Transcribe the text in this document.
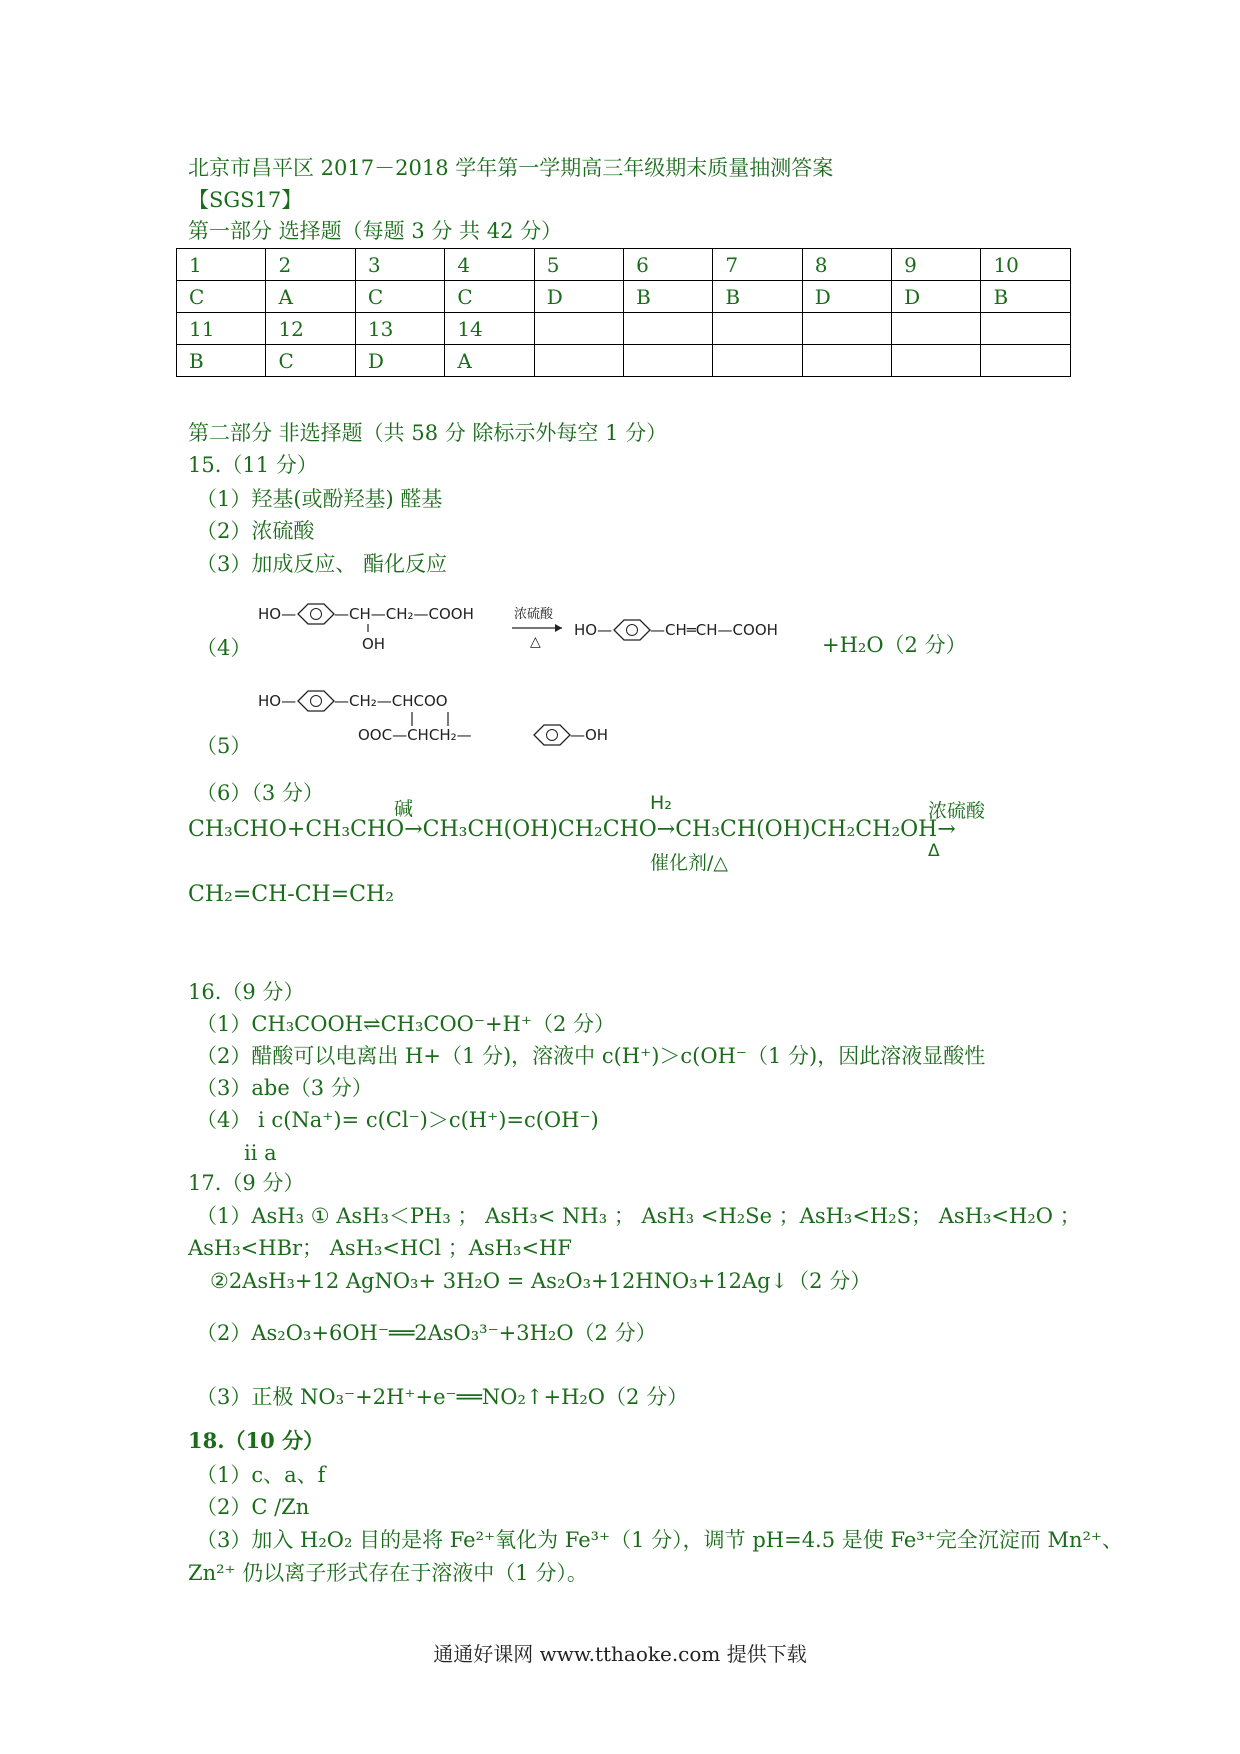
北京市昌平区 2017－2018 学年第一学期高三年级期末质量抽测答案
【SGS17】
第一部分 选择题（每题 3 分 共 42 分）
1	2	3	4	5	6	7	8	9	10
C	A	C	C	D	B	B	D	D	B
11	12	13	14						
B	C	D	A						
第二部分 非选择题（共 58 分 除标示外每空 1 分）
15.（11 分）
（1）羟基(或酚羟基) 醛基
（2）浓硫酸
（3）加成反应、 酯化反应
（4）
HO—	—CH—CH₂—COOH
OH
浓硫酸
△
HO—	—CH═CH—COOH
+H₂O（2 分）
（5）
HO—	—CH₂—CHCOO
OOC—CHCH₂—	—OH
（6）（3 分）
碱	H₂	浓硫酸
CH₃CHO+CH₃CHO→CH₃CH(OH)CH₂CHO→CH₃CH(OH)CH₂CH₂OH→
催化剂/△
Δ
CH₂=CH-CH=CH₂
16.（9 分）
（1）CH₃COOH⇌CH₃COO⁻+H⁺（2 分）
（2）醋酸可以电离出 H+（1 分)，溶液中 c(H⁺)＞c(OH⁻（1 分)，因此溶液显酸性
（3）abe（3 分）
（4） ⅰ c(Na⁺)= c(Cl⁻)＞c(H⁺)=c(OH⁻)
ⅱ a
17.（9 分）
（1）AsH₃ ① AsH₃＜PH₃ ； AsH₃< NH₃ ； AsH₃ <H₂Se ；AsH₃<H₂S； AsH₃<H₂O ；
AsH₃<HBr； AsH₃<HCl ；AsH₃<HF
②2AsH₃+12 AgNO₃+ 3H₂O = As₂O₃+12HNO₃+12Ag↓（2 分）
（2）As₂O₃+6OH⁻══2AsO₃³⁻+3H₂O（2 分）
（3）正极 NO₃⁻+2H⁺+e⁻══NO₂↑+H₂O（2 分）
18.（10 分）
（1）c、a、f
（2）C /Zn
（3）加入 H₂O₂ 目的是将 Fe²⁺氧化为 Fe³⁺（1 分），调节 pH=4.5 是使 Fe³⁺完全沉淀而 Mn²⁺、
Zn²⁺ 仍以离子形式存在于溶液中（1 分）。
通通好课网 www.tthaoke.com 提供下载
